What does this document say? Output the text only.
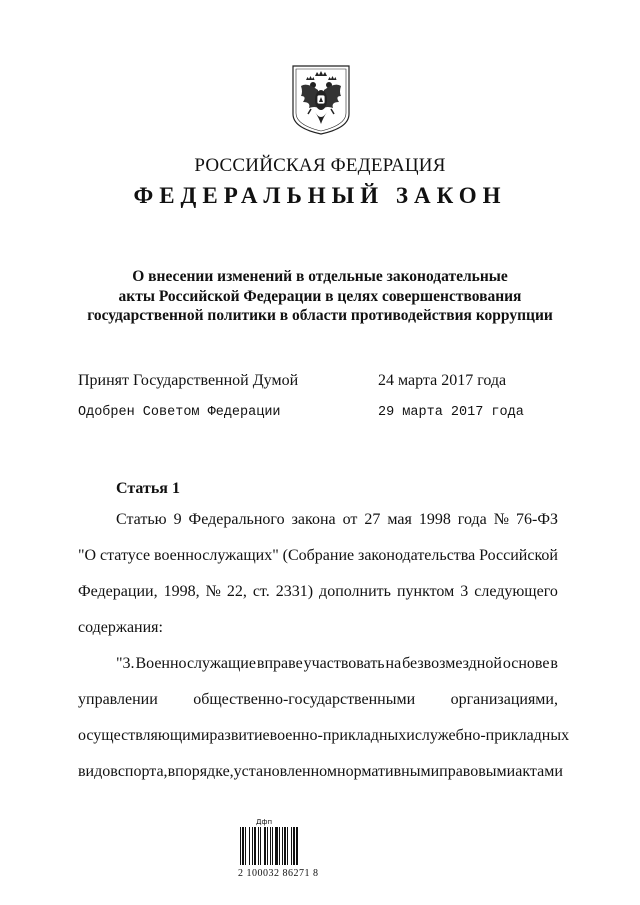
РОССИЙСКАЯ ФЕДЕРАЦИЯ
ФЕДЕРАЛЬНЫЙ ЗАКОН
О внесении изменений в отдельные законодательные
акты Российской Федерации в целях совершенствования
государственной политики в области противодействия коррупции
Принят Государственной Думой	24 марта 2017 года
Одобрен Советом Федерации	29 марта 2017 года
Статья 1
Статью 9 Федерального закона от 27 мая 1998 года № 76-ФЗ
"О статусе военнослужащих" (Собрание законодательства Российской
Федерации, 1998, № 22, ст. 2331) дополнить пунктом 3 следующего
содержания:
"3. Военнослужащие вправе участвовать на безвозмездной основе в
управлении общественно-государственными организациями,
осуществляющими развитие военно-прикладных и служебно-прикладных
видов спорта, в порядке, установленном нормативными правовыми актами
Дфп
2 100032 86271 8
